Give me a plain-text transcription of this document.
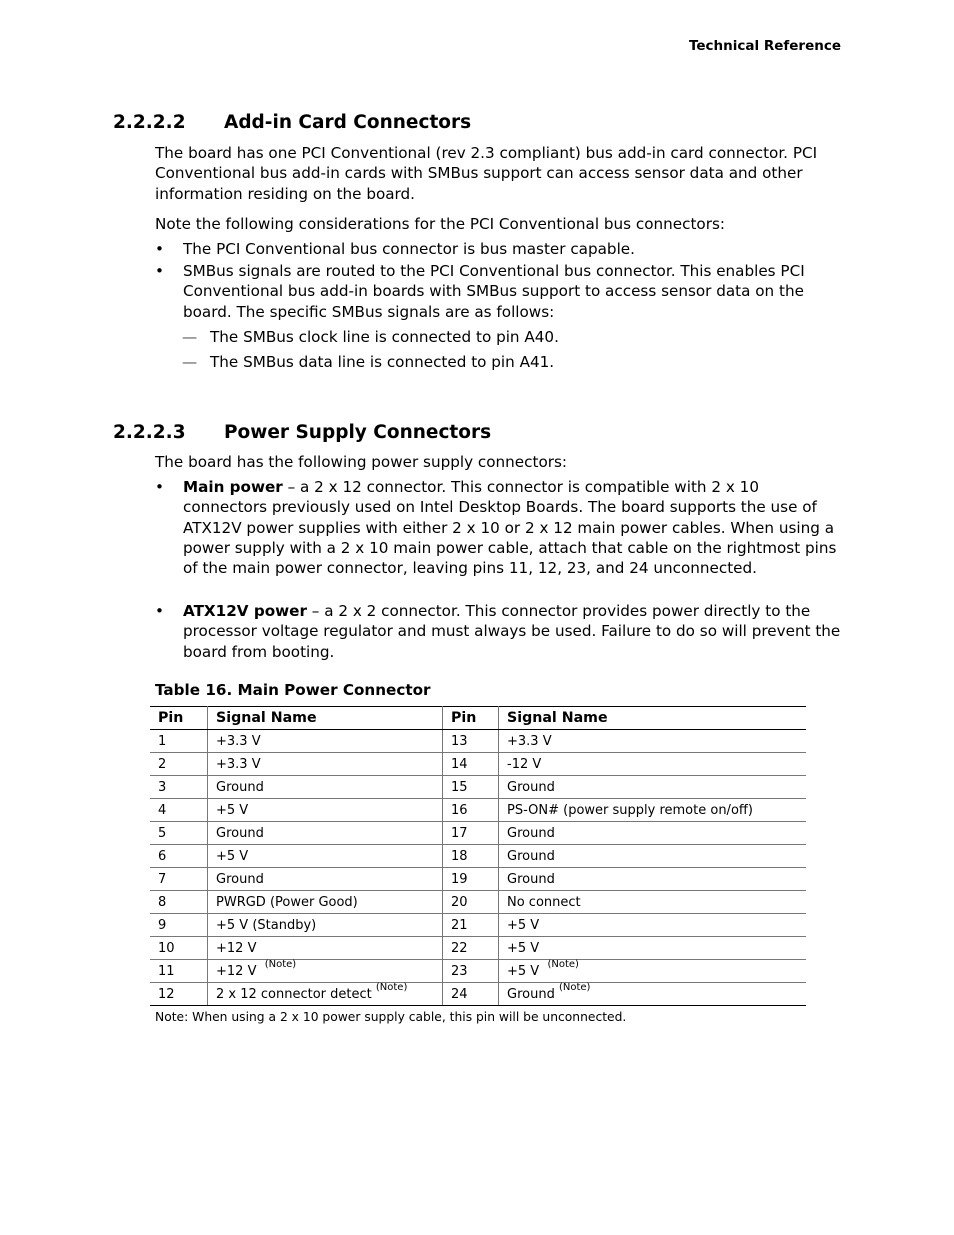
Technical Reference
2.2.2.2 Add-in Card Connectors
The board has one PCI Conventional (rev 2.3 compliant) bus add-in card connector. PCI Conventional bus add-in cards with SMBus support can access sensor data and other information residing on the board.
Note the following considerations for the PCI Conventional bus connectors:
• The PCI Conventional bus connector is bus master capable.
• SMBus signals are routed to the PCI Conventional bus connector. This enables PCI Conventional bus add-in boards with SMBus support to access sensor data on the board. The specific SMBus signals are as follows:
— The SMBus clock line is connected to pin A40.
— The SMBus data line is connected to pin A41.
2.2.2.3 Power Supply Connectors
The board has the following power supply connectors:
• Main power – a 2 x 12 connector. This connector is compatible with 2 x 10 connectors previously used on Intel Desktop Boards. The board supports the use of ATX12V power supplies with either 2 x 10 or 2 x 12 main power cables. When using a power supply with a 2 x 10 main power cable, attach that cable on the rightmost pins of the main power connector, leaving pins 11, 12, 23, and 24 unconnected.
• ATX12V power – a 2 x 2 connector. This connector provides power directly to the processor voltage regulator and must always be used. Failure to do so will prevent the board from booting.
Table 16. Main Power Connector
Pin	Signal Name	Pin	Signal Name
1	+3.3 V	13	+3.3 V
2	+3.3 V	14	-12 V
3	Ground	15	Ground
4	+5 V	16	PS-ON# (power supply remote on/off)
5	Ground	17	Ground
6	+5 V	18	Ground
7	Ground	19	Ground
8	PWRGD (Power Good)	20	No connect
9	+5 V (Standby)	21	+5 V
10	+12 V	22	+5 V
11	+12 V $^{(Note)}$	23	+5 V $^{(Note)}$
12	2 x 12 connector detect $^{(Note)}$	24	Ground $^{(Note)}$
Note: When using a 2 x 10 power supply cable, this pin will be unconnected.
